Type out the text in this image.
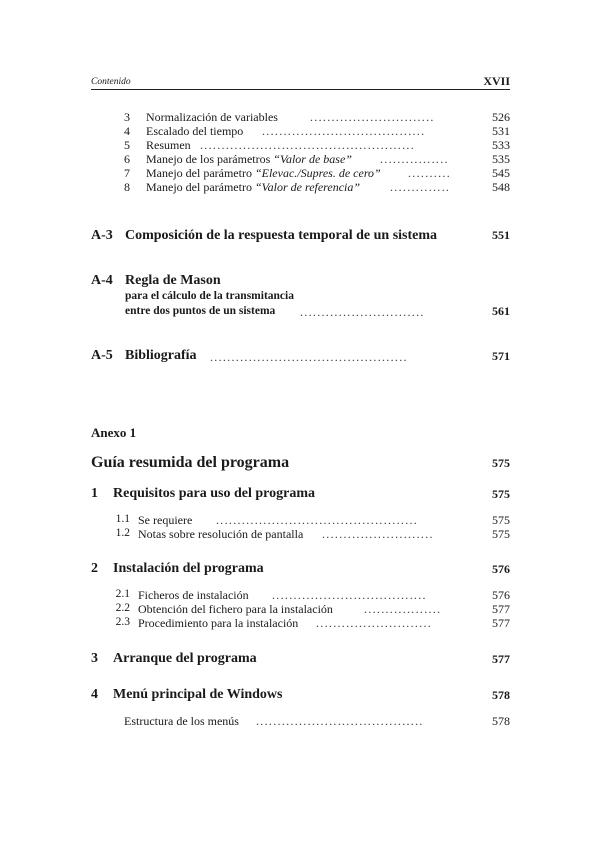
Contenido	XVII
3 Normalización de variables	.............................	526
4 Escalado del tiempo ......................................	531
5 Resumen ..................................................	533
6 Manejo de los parámetros “Valor de base” ................	535
7 Manejo del parámetro “Elevac./Supres. de cero” ..........	545
8 Manejo del parámetro “Valor de referencia” ..............	548
A-3 Composición de la respuesta temporal de un sistema	551
A-4 Regla de Mason
para el cálculo de la transmitancia
entre dos puntos de un sistema .............................	561
A-5 Bibliografía ..............................................	571
Anexo 1
Guía resumida del programa	575
1 Requisitos para uso del programa	575
1.1 Se requiere ...............................................	575
1.2 Notas sobre resolución de pantalla ..........................	575
2 Instalación del programa	576
2.1 Ficheros de instalación ....................................	576
2.2 Obtención del fichero para la instalación	..................	577
2.3 Procedimiento para la instalación ...........................	577
3 Arranque del programa	577
4 Menú principal de Windows	578
Estructura de los menús .......................................	578
